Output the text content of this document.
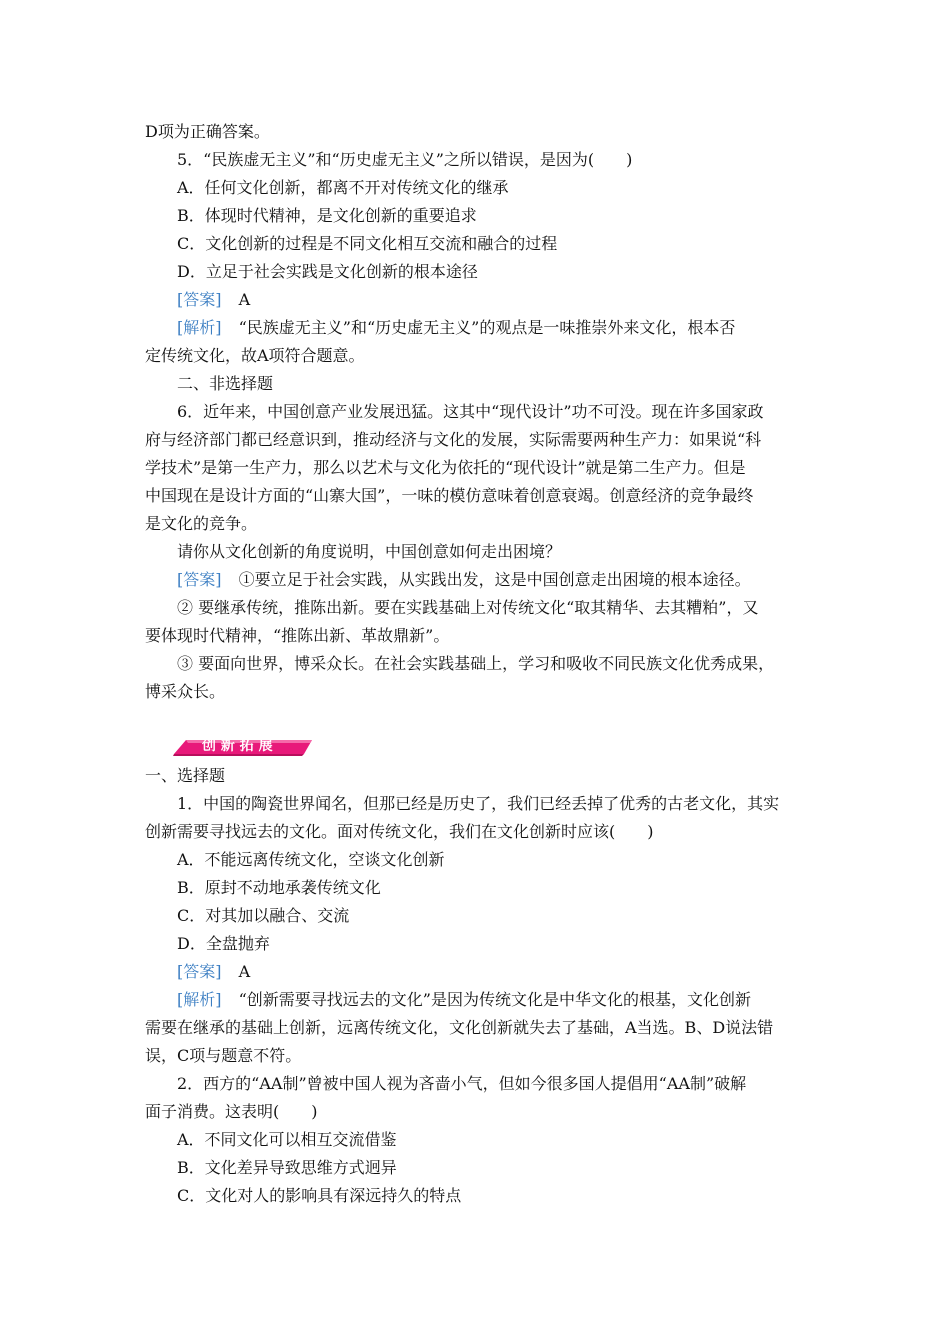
D项为正确答案。
5．“民族虚无主义”和“历史虚无主义”之所以错误，是因为(　　)
A．任何文化创新，都离不开对传统文化的继承
B．体现时代精神，是文化创新的重要追求
C．文化创新的过程是不同文化相互交流和融合的过程
D．立足于社会实践是文化创新的根本途径
[答案] A
[解析] “民族虚无主义”和“历史虚无主义”的观点是一味推崇外来文化，根本否
定传统文化，故A项符合题意。
二、非选择题
6．近年来，中国创意产业发展迅猛。这其中“现代设计”功不可没。现在许多国家政
府与经济部门都已经意识到，推动经济与文化的发展，实际需要两种生产力：如果说“科
学技术”是第一生产力，那么以艺术与文化为依托的“现代设计”就是第二生产力。但是
中国现在是设计方面的“山寨大国”，一味的模仿意味着创意衰竭。创意经济的竞争最终
是文化的竞争。
请你从文化创新的角度说明，中国创意如何走出困境？
[答案] ①要立足于社会实践，从实践出发，这是中国创意走出困境的根本途径。
② 要继承传统，推陈出新。要在实践基础上对传统文化“取其精华、去其糟粕”，又
要体现时代精神，“推陈出新、革故鼎新”。
③ 要面向世界，博采众长。在社会实践基础上，学习和吸收不同民族文化优秀成果，
博采众长。
创 新 拓 展
一、选择题
1．中国的陶瓷世界闻名，但那已经是历史了，我们已经丢掉了优秀的古老文化，其实
创新需要寻找远去的文化。面对传统文化，我们在文化创新时应该(　　)
A．不能远离传统文化，空谈文化创新
B．原封不动地承袭传统文化
C．对其加以融合、交流
D．全盘抛弃
[答案] A
[解析] “创新需要寻找远去的文化”是因为传统文化是中华文化的根基，文化创新
需要在继承的基础上创新，远离传统文化，文化创新就失去了基础，A当选。B、D说法错
误，C项与题意不符。
2．西方的“AA制”曾被中国人视为吝啬小气，但如今很多国人提倡用“AA制”破解
面子消费。这表明(　　)
A．不同文化可以相互交流借鉴
B．文化差异导致思维方式迥异
C．文化对人的影响具有深远持久的特点
